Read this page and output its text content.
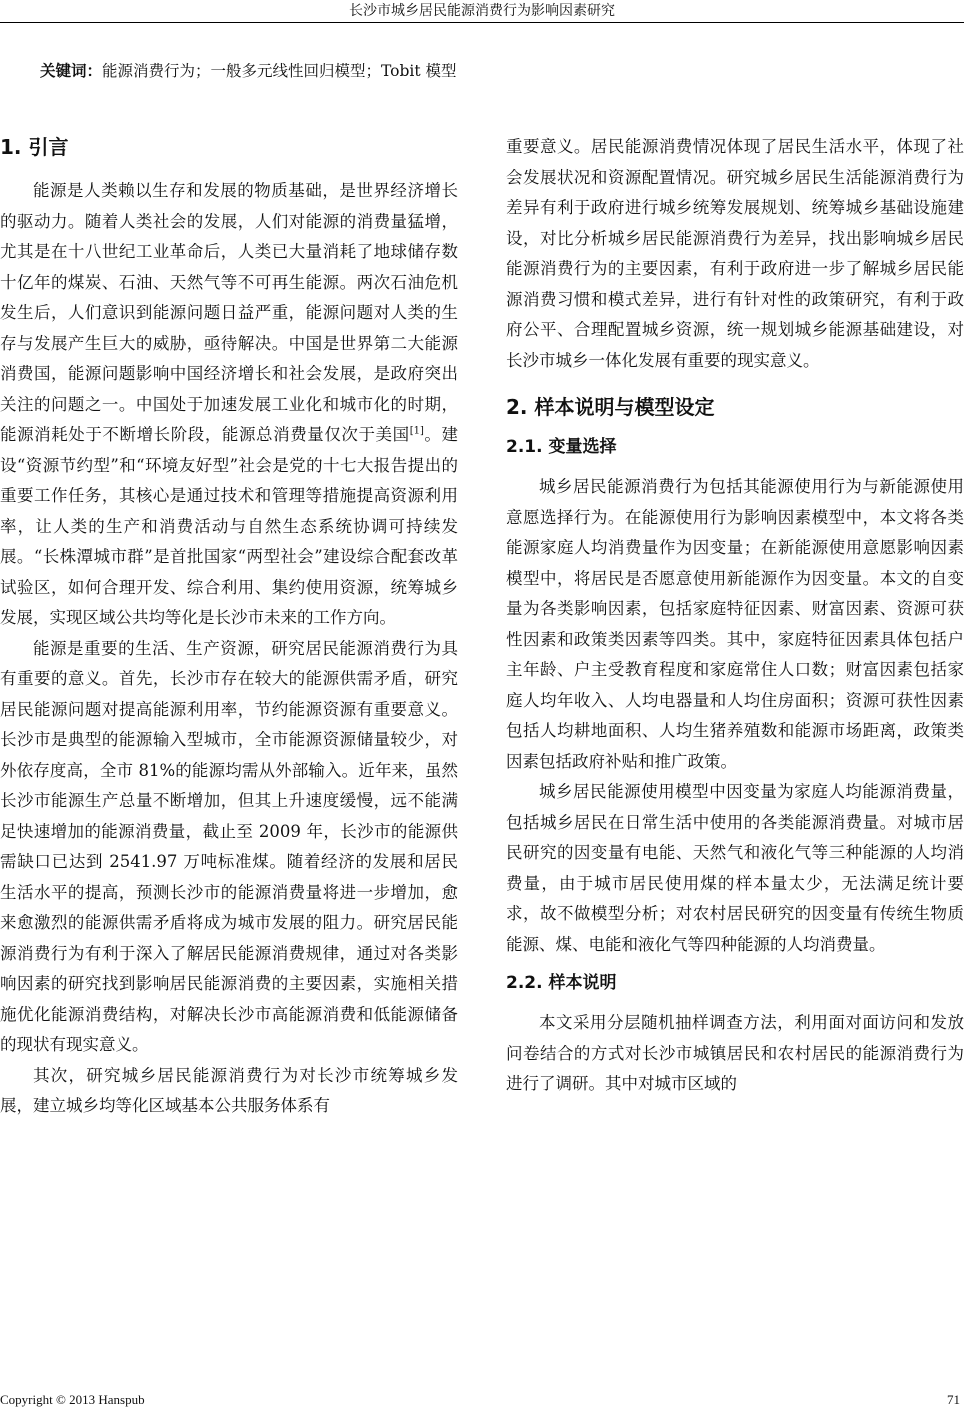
长沙市城乡居民能源消费行为影响因素研究
关键词：能源消费行为；一般多元线性回归模型；Tobit 模型
1. 引言

能源是人类赖以生存和发展的物质基础，是世界经济增长的驱动力。随着人类社会的发展，人们对能源的消费量猛增，尤其是在十八世纪工业革命后，人类已大量消耗了地球储存数十亿年的煤炭、石油、天然气等不可再生能源。两次石油危机发生后，人们意识到能源问题日益严重，能源问题对人类的生存与发展产生巨大的威胁，亟待解决。中国是世界第二大能源消费国，能源问题影响中国经济增长和社会发展，是政府突出关注的问题之一。中国处于加速发展工业化和城市化的时期，能源消耗处于不断增长阶段，能源总消费量仅次于美国[1]。建设“资源节约型”和“环境友好型”社会是党的十七大报告提出的重要工作任务，其核心是通过技术和管理等措施提高资源利用率，让人类的生产和消费活动与自然生态系统协调可持续发展。“长株潭城市群”是首批国家“两型社会”建设综合配套改革试验区，如何合理开发、综合利用、集约使用资源，统筹城乡发展，实现区域公共均等化是长沙市未来的工作方向。

能源是重要的生活、生产资源，研究居民能源消费行为具有重要的意义。首先，长沙市存在较大的能源供需矛盾，研究居民能源问题对提高能源利用率，节约能源资源有重要意义。长沙市是典型的能源输入型城市，全市能源资源储量较少，对外依存度高，全市 81%的能源均需从外部输入。近年来，虽然长沙市能源生产总量不断增加，但其上升速度缓慢，远不能满足快速增加的能源消费量，截止至 2009 年，长沙市的能源供需缺口已达到 2541.97 万吨标准煤。随着经济的发展和居民生活水平的提高，预测长沙市的能源消费量将进一步增加，愈来愈激烈的能源供需矛盾将成为城市发展的阻力。研究居民能源消费行为有利于深入了解居民能源消费规律，通过对各类影响因素的研究找到影响居民能源消费的主要因素，实施相关措施优化能源消费结构，对解决长沙市高能源消费和低能源储备的现状有现实意义。

其次，研究城乡居民能源消费行为对长沙市统筹城乡发展，建立城乡均等化区域基本公共服务体系有

重要意义。居民能源消费情况体现了居民生活水平，体现了社会发展状况和资源配置情况。研究城乡居民生活能源消费行为差异有利于政府进行城乡统筹发展规划、统筹城乡基础设施建设，对比分析城乡居民能源消费行为差异，找出影响城乡居民能源消费行为的主要因素，有利于政府进一步了解城乡居民能源消费习惯和模式差异，进行有针对性的政策研究，有利于政府公平、合理配置城乡资源，统一规划城乡能源基础建设，对长沙市城乡一体化发展有重要的现实意义。

2. 样本说明与模型设定
2.1. 变量选择

城乡居民能源消费行为包括其能源使用行为与新能源使用意愿选择行为。在能源使用行为影响因素模型中，本文将各类能源家庭人均消费量作为因变量；在新能源使用意愿影响因素模型中，将居民是否愿意使用新能源作为因变量。本文的自变量为各类影响因素，包括家庭特征因素、财富因素、资源可获性因素和政策类因素等四类。其中，家庭特征因素具体包括户主年龄、户主受教育程度和家庭常住人口数；财富因素包括家庭人均年收入、人均电器量和人均住房面积；资源可获性因素包括人均耕地面积、人均生猪养殖数和能源市场距离，政策类因素包括政府补贴和推广政策。

城乡居民能源使用模型中因变量为家庭人均能源消费量，包括城乡居民在日常生活中使用的各类能源消费量。对城市居民研究的因变量有电能、天然气和液化气等三种能源的人均消费量，由于城市居民使用煤的样本量太少，无法满足统计要求，故不做模型分析；对农村居民研究的因变量有传统生物质能源、煤、电能和液化气等四种能源的人均消费量。

2.2. 样本说明

本文采用分层随机抽样调查方法，利用面对面访问和发放问卷结合的方式对长沙市城镇居民和农村居民的能源消费行为进行了调研。其中对城市区域的

Copyright © 2013 Hanspub	71
